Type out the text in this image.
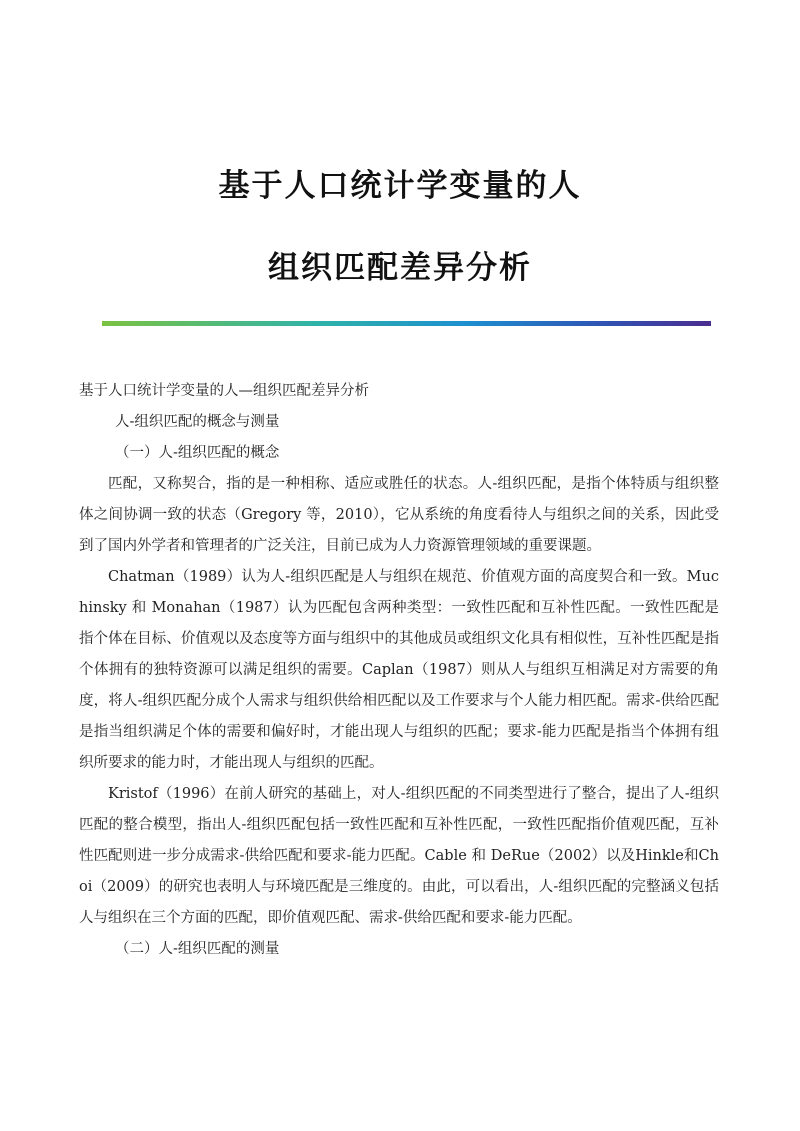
基于人口统计学变量的人
组织匹配差异分析

基于人口统计学变量的人—组织匹配差异分析

人-组织匹配的概念与测量

（一）人-组织匹配的概念

匹配，又称契合，指的是一种相称、适应或胜任的状态。人-组织匹配，是指个体特质与组织整体之间协调一致的状态（Gregory 等，2010），它从系统的角度看待人与组织之间的关系，因此受到了国内外学者和管理者的广泛关注，目前已成为人力资源管理领域的重要课题。

Chatman（1989）认为人-组织匹配是人与组织在规范、价值观方面的高度契合和一致。Muchinsky 和 Monahan（1987）认为匹配包含两种类型：一致性匹配和互补性匹配。一致性匹配是指个体在目标、价值观以及态度等方面与组织中的其他成员或组织文化具有相似性，互补性匹配是指个体拥有的独特资源可以满足组织的需要。Caplan（1987）则从人与组织互相满足对方需要的角度，将人-组织匹配分成个人需求与组织供给相匹配以及工作要求与个人能力相匹配。需求-供给匹配是指当组织满足个体的需要和偏好时，才能出现人与组织的匹配；要求-能力匹配是指当个体拥有组织所要求的能力时，才能出现人与组织的匹配。

Kristof（1996）在前人研究的基础上，对人-组织匹配的不同类型进行了整合，提出了人-组织匹配的整合模型，指出人-组织匹配包括一致性匹配和互补性匹配，一致性匹配指价值观匹配，互补性匹配则进一步分成需求-供给匹配和要求-能力匹配。Cable 和 DeRue（2002）以及Hinkle和Choi（2009）的研究也表明人与环境匹配是三维度的。由此，可以看出，人-组织匹配的完整涵义包括人与组织在三个方面的匹配，即价值观匹配、需求-供给匹配和要求-能力匹配。

（二）人-组织匹配的测量
